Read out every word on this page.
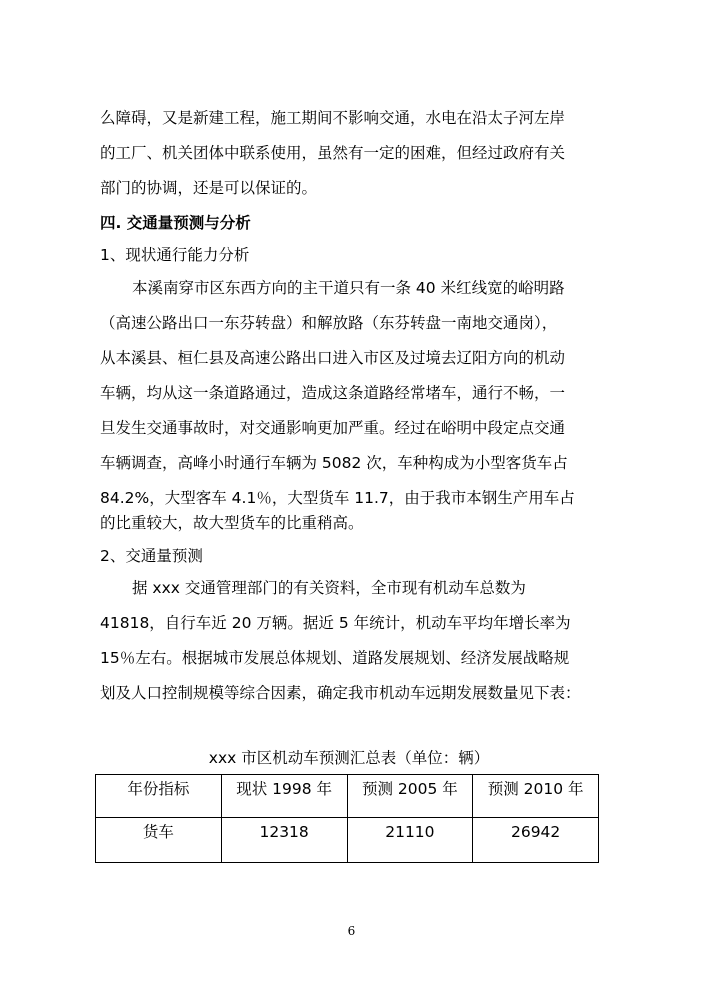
么障碍，又是新建工程，施工期间不影响交通，水电在沿太子河左岸
的工厂、机关团体中联系使用，虽然有一定的困难，但经过政府有关
部门的协调，还是可以保证的。
四. 交通量预测与分析
1、现状通行能力分析
本溪南穿市区东西方向的主干道只有一条 40 米红线宽的峪明路
（高速公路出口一东芬转盘）和解放路（东芬转盘一南地交通岗），
从本溪县、桓仁县及高速公路出口进入市区及过境去辽阳方向的机动
车辆，均从这一条道路通过，造成这条道路经常堵车，通行不畅，一
旦发生交通事故时，对交通影响更加严重。经过在峪明中段定点交通
车辆调查，高峰小时通行车辆为 5082 次，车种构成为小型客货车占
84.2%，大型客车 4.1％，大型货车 11.7，由于我市本钢生产用车占
的比重较大，故大型货车的比重稍高。
2、交通量预测
据 xxx 交通管理部门的有关资料，全市现有机动车总数为
41818，自行车近 20 万辆。据近 5 年统计，机动车平均年增长率为
15％左右。根据城市发展总体规划、道路发展规划、经济发展战略规
划及人口控制规模等综合因素，确定我市机动车远期发展数量见下表：
xxx 市区机动车预测汇总表（单位：辆）
年份指标	现状 1998 年	预测 2005 年	预测 2010 年
货车	12318	21110	26942
6
